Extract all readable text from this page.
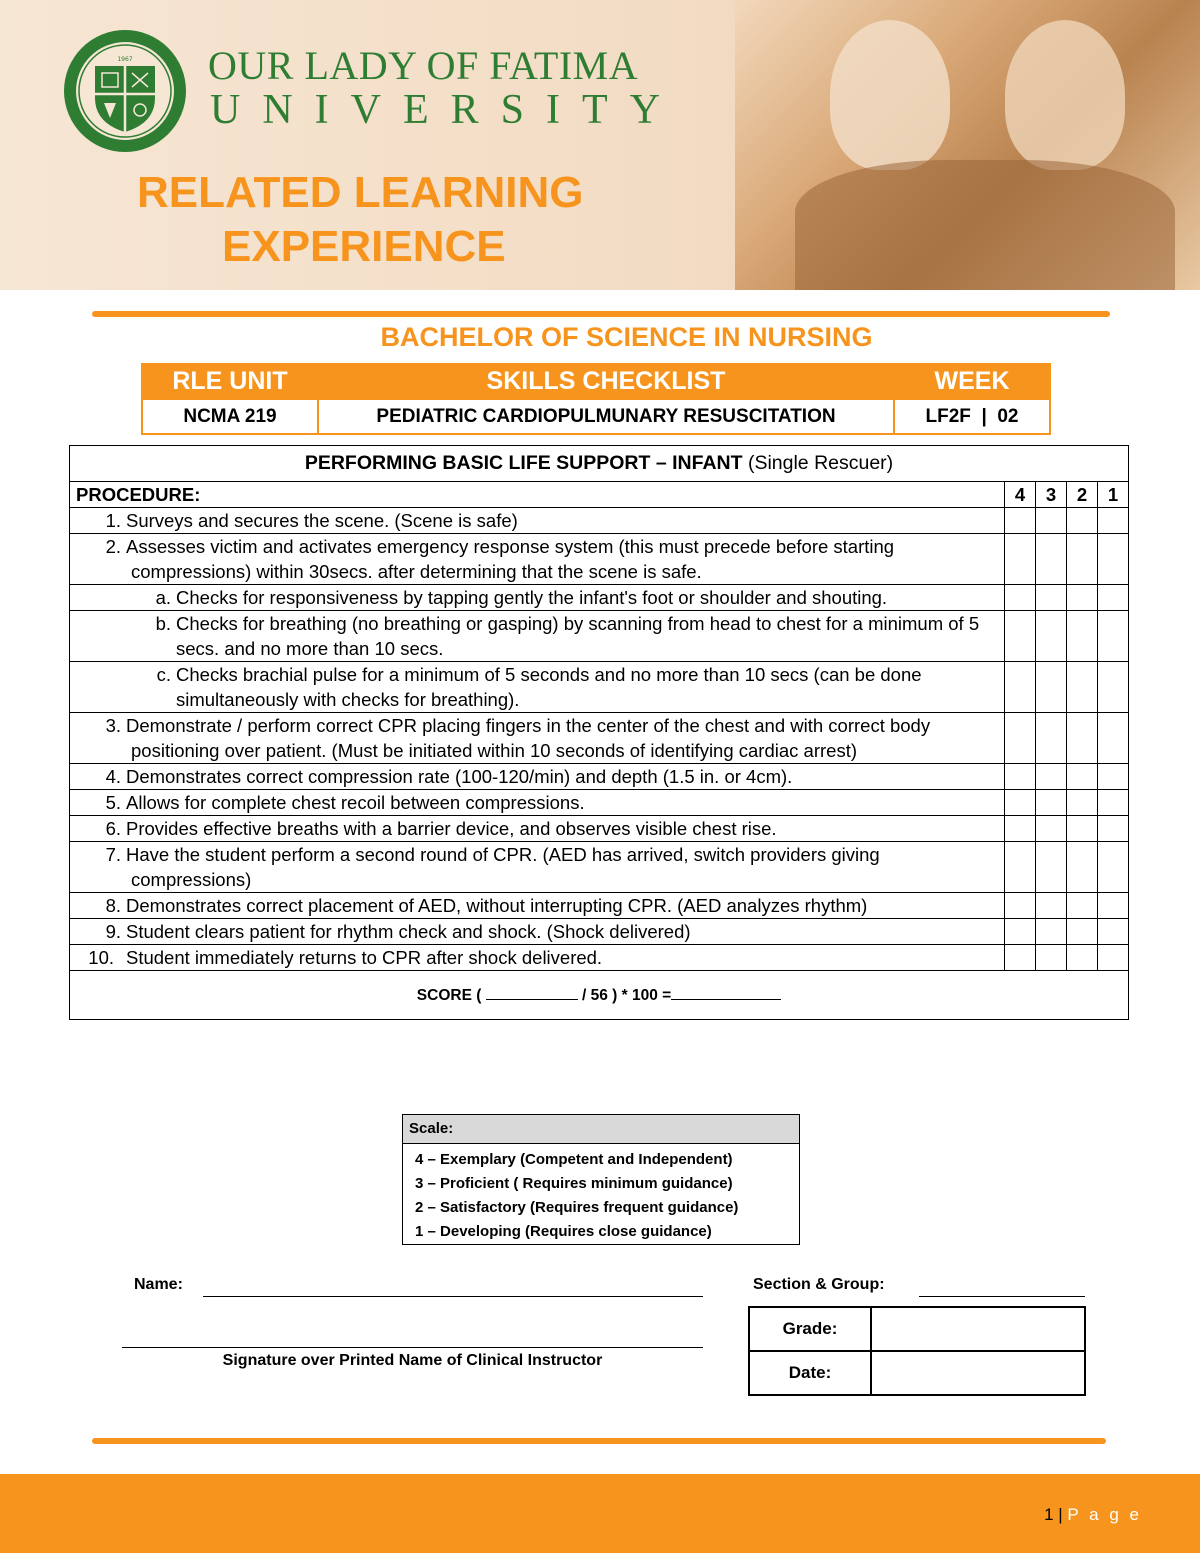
1967 OUR LADY OF FATIMA
UNIVERSITY
RELATED LEARNING
EXPERIENCE
BACHELOR OF SCIENCE IN NURSING
RLE UNIT	SKILLS CHECKLIST	WEEK
NCMA 219	PEDIATRIC CARDIOPULMUNARY RESUSCITATION	LF2F  |  02
PERFORMING BASIC LIFE SUPPORT – INFANT (Single Rescuer)				
PROCEDURE:	4	3	2	1
1. Surveys and secures the scene. (Scene is safe)				

2. Assesses victim and activates emergency response system (this must precede before starting compressions) within 30secs. after determining that the scene is safe.				

a. Checks for responsiveness by tapping gently the infant's foot or shoulder and shouting.				

b. Checks for breathing (no breathing or gasping) by scanning from head to chest for a minimum of 5 secs. and no more than 10 secs.				

c. Checks brachial pulse for a minimum of 5 seconds and no more than 10 secs (can be done simultaneously with checks for breathing).				

3. Demonstrate / perform correct CPR placing fingers in the center of the chest and with correct body positioning over patient. (Must be initiated within 10 seconds of identifying cardiac arrest)				

4. Demonstrates correct compression rate (100-120/min) and depth (1.5 in. or 4cm).				
5. Allows for complete chest recoil between compressions.				
6. Provides effective breaths with a barrier device, and observes visible chest rise.				

7. Have the student perform a second round of CPR. (AED has arrived, switch providers giving compressions)				

8. Demonstrates correct placement of AED, without interrupting CPR. (AED analyzes rhythm)				

9. Student clears patient for rhythm check and shock. (Shock delivered)				
10. Student immediately returns to CPR after shock delivered.				
SCORE ( / 56 ) * 100 =				
Scale:
4 – Exemplary (Competent and Independent)
3 – Proficient ( Requires minimum guidance)
2 – Satisfactory (Requires frequent guidance)
1 – Developing (Requires close guidance)
Name:	Section & Group:
Signature over Printed Name of Clinical Instructor
Grade:	
Date:	
1 | P a g e
